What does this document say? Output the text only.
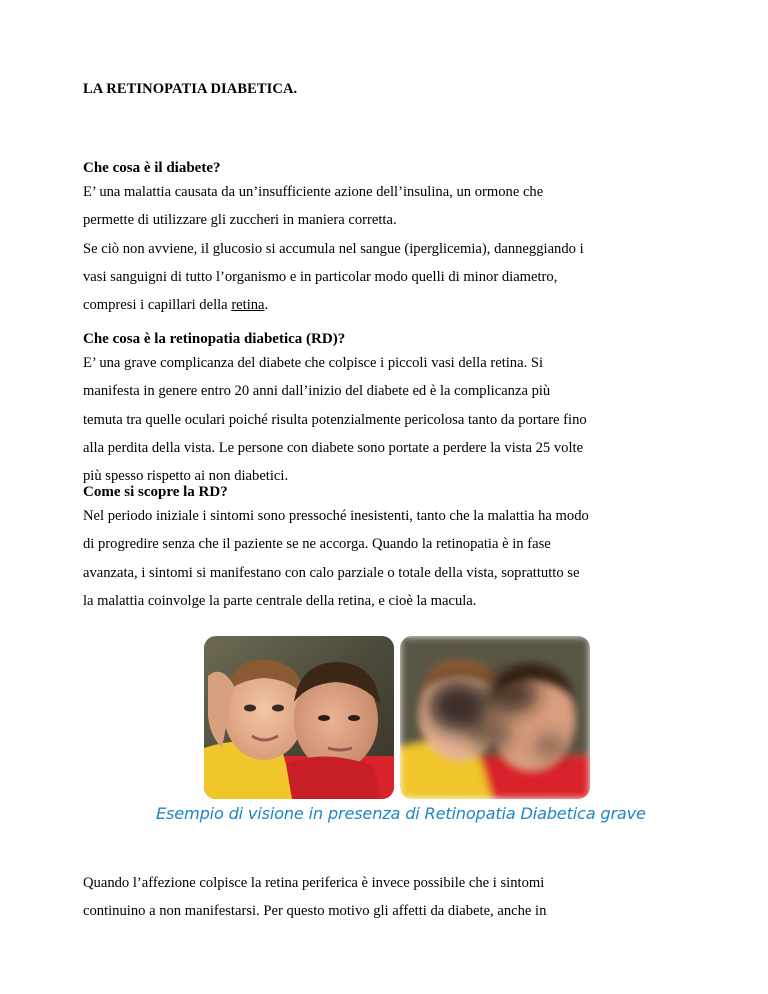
LA RETINOPATIA DIABETICA.
Che cosa è il diabete?

E’ una malattia causata da un’insufficiente azione dell’insulina, un ormone che

permette di utilizzare gli zuccheri in maniera corretta.

Se ciò non avviene, il glucosio si accumula nel sangue (iperglicemia), danneggiando i

vasi sanguigni di tutto l’organismo e in particolar modo quelli di minor diametro,

compresi i capillari della retina.

Che cosa è la retinopatia diabetica (RD)?

E’ una grave complicanza del diabete che colpisce i piccoli vasi della retina. Si

manifesta in genere entro 20 anni dall’inizio del diabete ed è la complicanza più

temuta tra quelle oculari poiché risulta potenzialmente pericolosa tanto da portare fino

alla perdita della vista. Le persone con diabete sono portate a perdere la vista 25 volte

più spesso rispetto ai non diabetici.

Come si scopre la RD?

Nel periodo iniziale i sintomi sono pressoché inesistenti, tanto che la malattia ha modo

di progredire senza che il paziente se ne accorga. Quando la retinopatia è in fase

avanzata, i sintomi si manifestano con calo parziale o totale della vista, soprattutto se

la malattia coinvolge la parte centrale della retina, e cioè la macula.

Esempio di visione in presenza di Retinopatia Diabetica grave

Quando l’affezione colpisce la retina periferica è invece possibile che i sintomi

continuino a non manifestarsi. Per questo motivo gli affetti da diabete, anche in
